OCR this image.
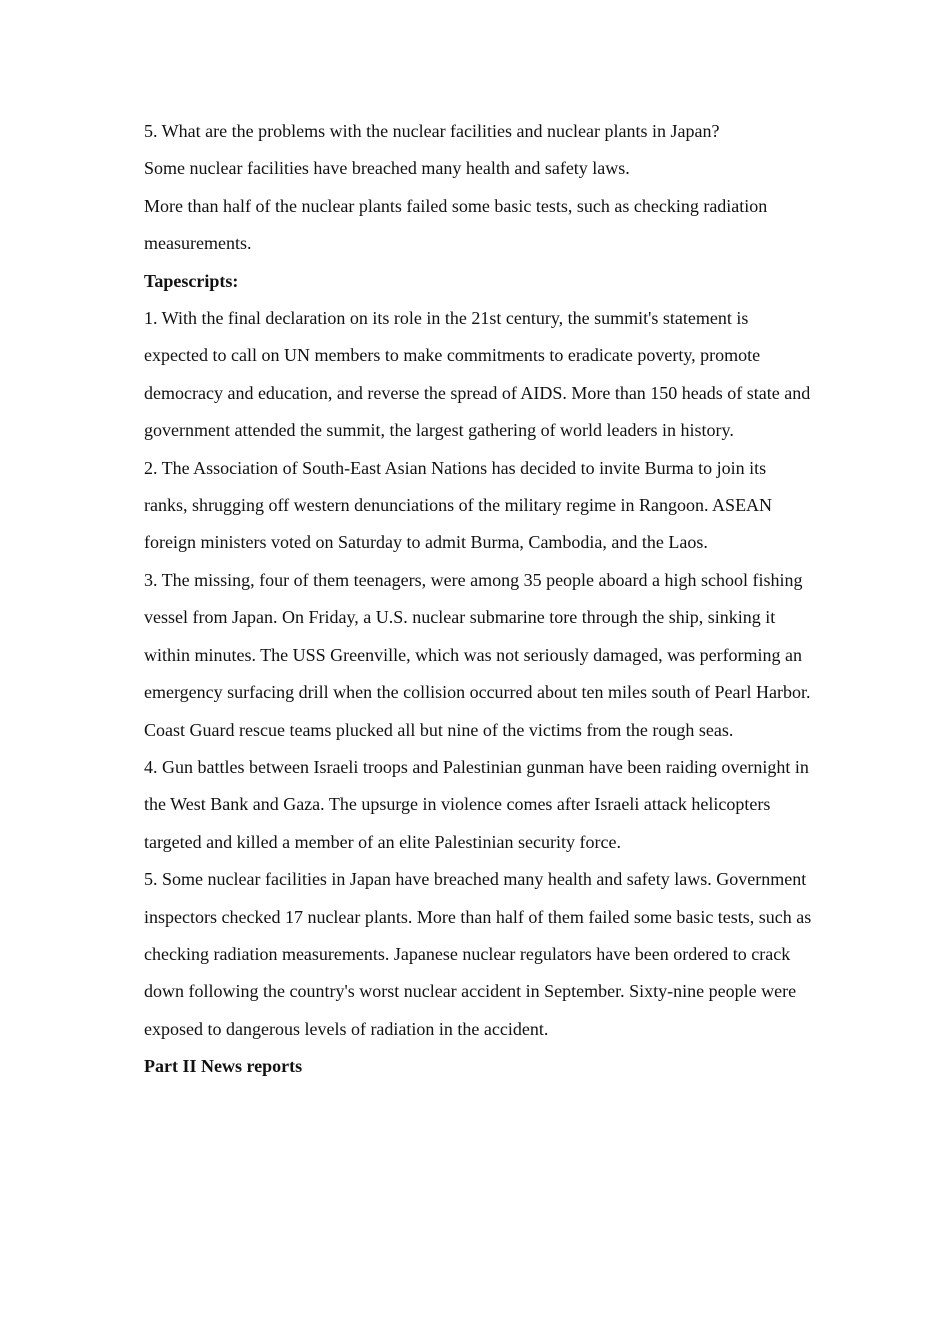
5. What are the problems with the nuclear facilities and nuclear plants in Japan?

Some nuclear facilities have breached many health and safety laws.

More than half of the nuclear plants failed some basic tests, such as checking radiation measurements.

Tapescripts:

1. With the final declaration on its role in the 21st century, the summit's statement is expected to call on UN members to make commitments to eradicate poverty, promote democracy and education, and reverse the spread of AIDS. More than 150 heads of state and government attended the summit, the largest gathering of world leaders in history.

2. The Association of South-East Asian Nations has decided to invite Burma to join its ranks, shrugging off western denunciations of the military regime in Rangoon. ASEAN foreign ministers voted on Saturday to admit Burma, Cambodia, and the Laos.

3. The missing, four of them teenagers, were among 35 people aboard a high school fishing vessel from Japan. On Friday, a U.S. nuclear submarine tore through the ship, sinking it within minutes. The USS Greenville, which was not seriously damaged, was performing an emergency surfacing drill when the collision occurred about ten miles south of Pearl Harbor. Coast Guard rescue teams plucked all but nine of the victims from the rough seas.

4. Gun battles between Israeli troops and Palestinian gunman have been raiding overnight in the West Bank and Gaza. The upsurge in violence comes after Israeli attack helicopters targeted and killed a member of an elite Palestinian security force.

5. Some nuclear facilities in Japan have breached many health and safety laws. Government inspectors checked 17 nuclear plants. More than half of them failed some basic tests, such as checking radiation measurements. Japanese nuclear regulators have been ordered to crack down following the country's worst nuclear accident in September. Sixty-nine people were exposed to dangerous levels of radiation in the accident.

Part II News reports
